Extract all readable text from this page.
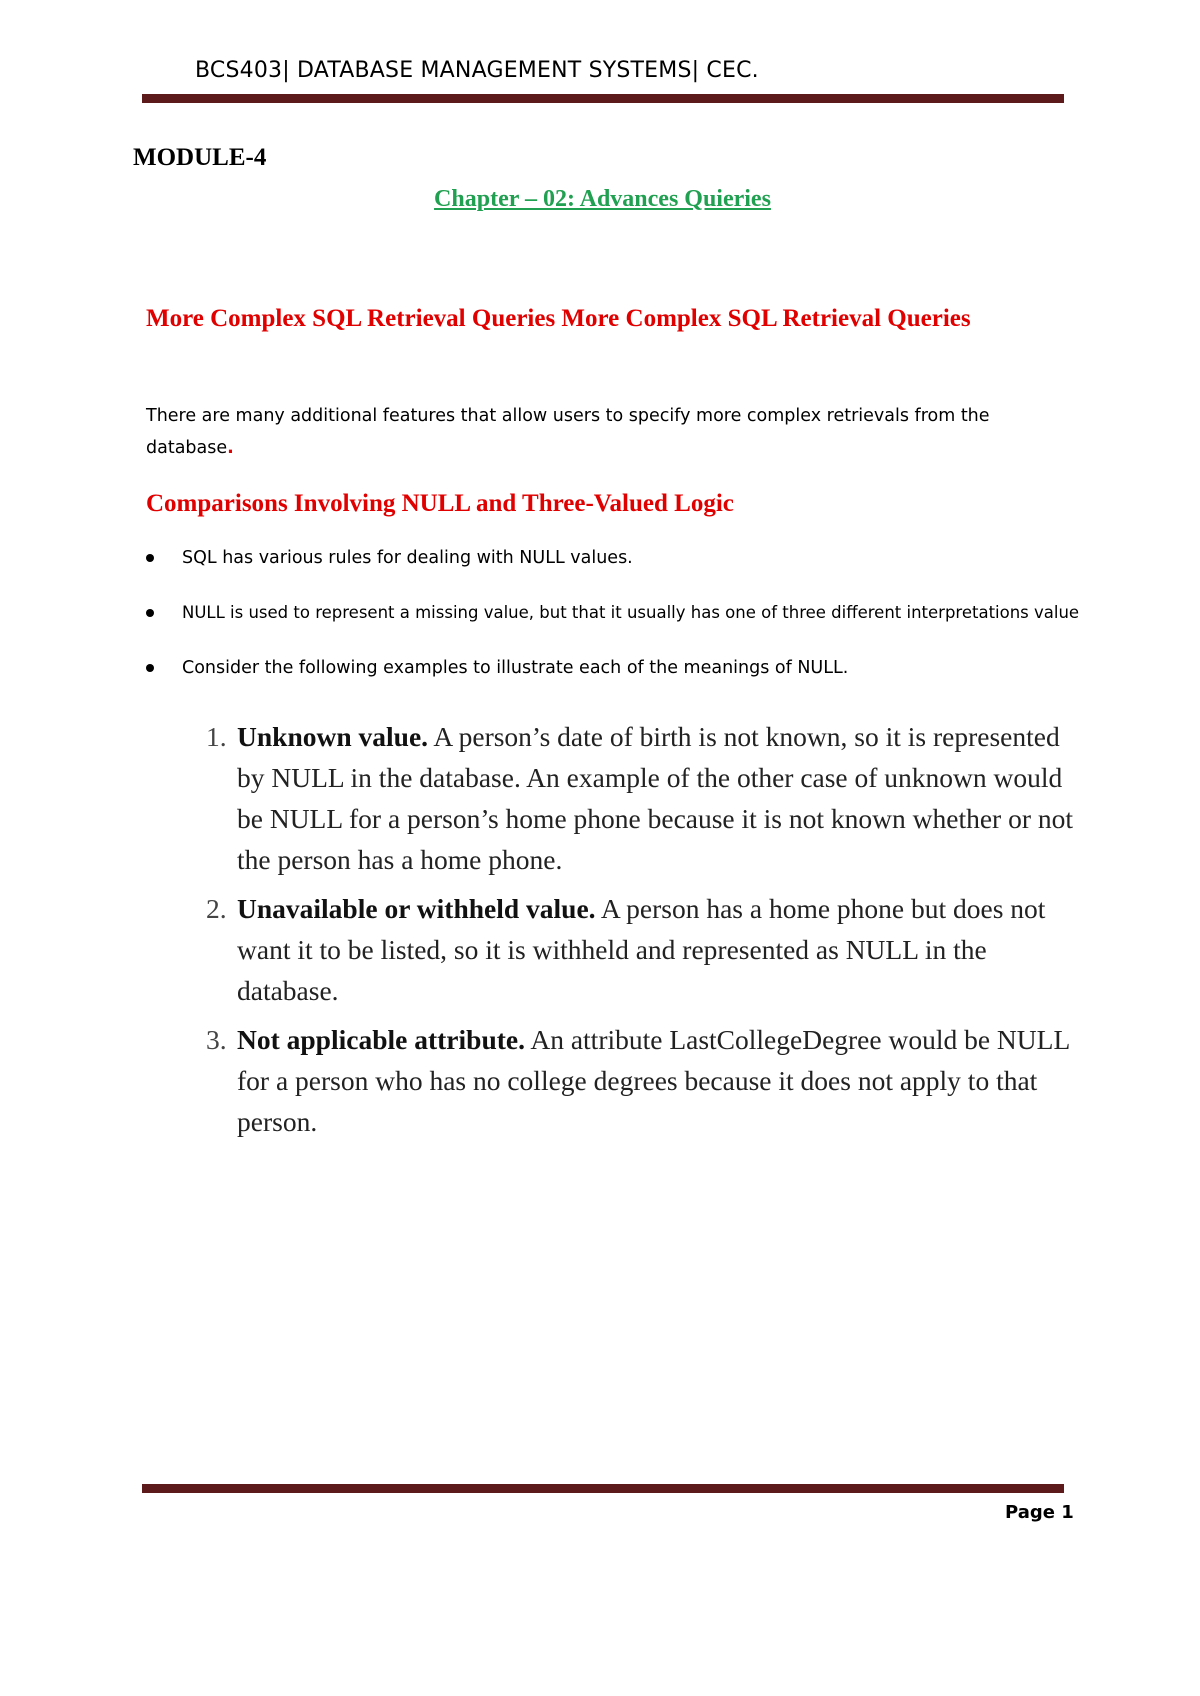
BCS403| DATABASE MANAGEMENT SYSTEMS| CEC.
MODULE-4
Chapter – 02: Advances Quieries
More Complex SQL Retrieval Queries More Complex SQL Retrieval Queries
There are many additional features that allow users to specify more complex retrievals from the database.
Comparisons Involving NULL and Three-Valued Logic
SQL has various rules for dealing with NULL values.
NULL is used to represent a missing value, but that it usually has one of three different interpretations value
Consider the following examples to illustrate each of the meanings of NULL.
1. Unknown value. A person’s date of birth is not known, so it is represented by NULL in the database. An example of the other case of unknown would be NULL for a person’s home phone because it is not known whether or not the person has a home phone.
2. Unavailable or withheld value. A person has a home phone but does not want it to be listed, so it is withheld and represented as NULL in the database.
3. Not applicable attribute. An attribute LastCollegeDegree would be NULL for a person who has no college degrees because it does not apply to that person.
Page 1
